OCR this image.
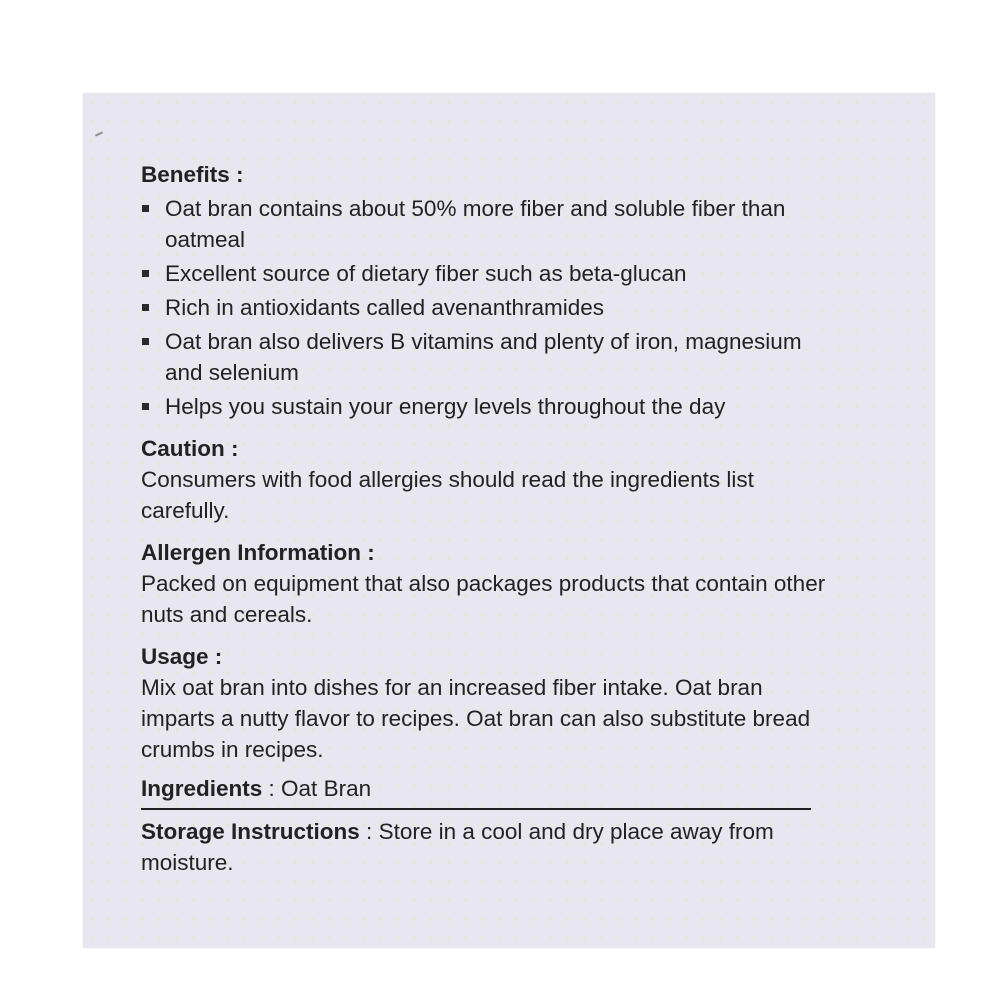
Benefits :
Oat bran contains about 50% more fiber and soluble fiber than oatmeal
Excellent source of dietary fiber such as beta-glucan
Rich in antioxidants called avenanthramides
Oat bran also delivers B vitamins and plenty of iron, magnesium and selenium
Helps you sustain your energy levels throughout the day
Caution :
Consumers with food allergies should read the ingredients list carefully.
Allergen Information :
Packed on equipment that also packages products that contain other nuts and cereals.
Usage :
Mix oat bran into dishes for an increased fiber intake. Oat bran imparts a nutty flavor to recipes. Oat bran can also substitute bread crumbs in recipes.
Ingredients : Oat Bran
Storage Instructions : Store in a cool and dry place away from moisture.
